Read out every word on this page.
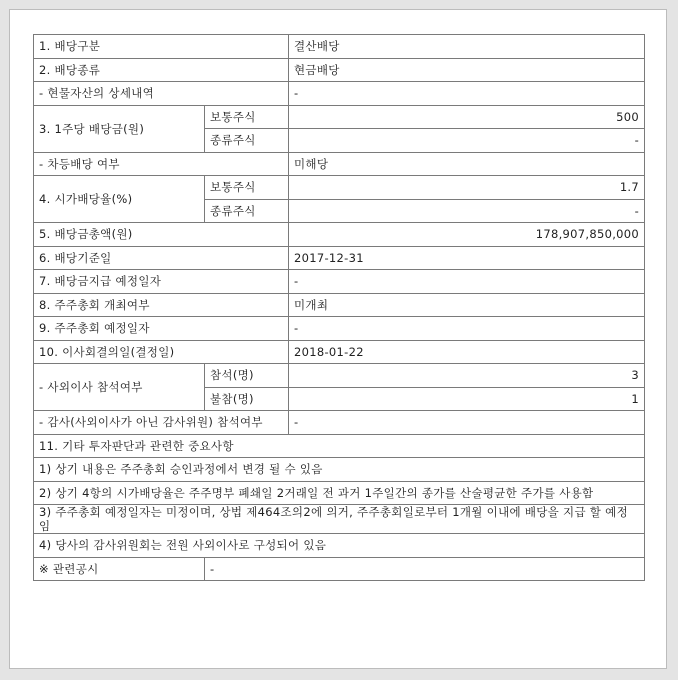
1. 배당구분		결산배당
2. 배당종류		현금배당
- 현물자산의 상세내역		-
3. 1주당 배당금(원)	보통주식	500
	종류주식	-
- 차등배당 여부		미해당
4. 시가배당율(%)	보통주식	1.7
	종류주식	-
5. 배당금총액(원)		178,907,850,000
6. 배당기준일		2017-12-31
7. 배당금지급 예정일자		-
8. 주주총회 개최여부		미개최
9. 주주총회 예정일자		-
10. 이사회결의일(결정일)		2018-01-22
- 사외이사 참석여부	참석(명)	3
	불참(명)	1
- 감사(사외이사가 아닌 감사위원) 참석여부		-
11. 기타 투자판단과 관련한 중요사항		
1) 상기 내용은 주주총회 승인과정에서 변경 될 수 있음		
2) 상기 4항의 시가배당율은 주주명부 폐쇄일 2거래일 전 과거 1주일간의 종가를 산술평균한 주가를 사용함		
3) 주주총회 예정일자는 미정이며, 상법 제464조의2에 의거, 주주총회일로부터 1개월 이내에 배당을 지급 할 예정임		
4) 당사의 감사위원회는 전원 사외이사로 구성되어 있음		
※ 관련공시	-	
